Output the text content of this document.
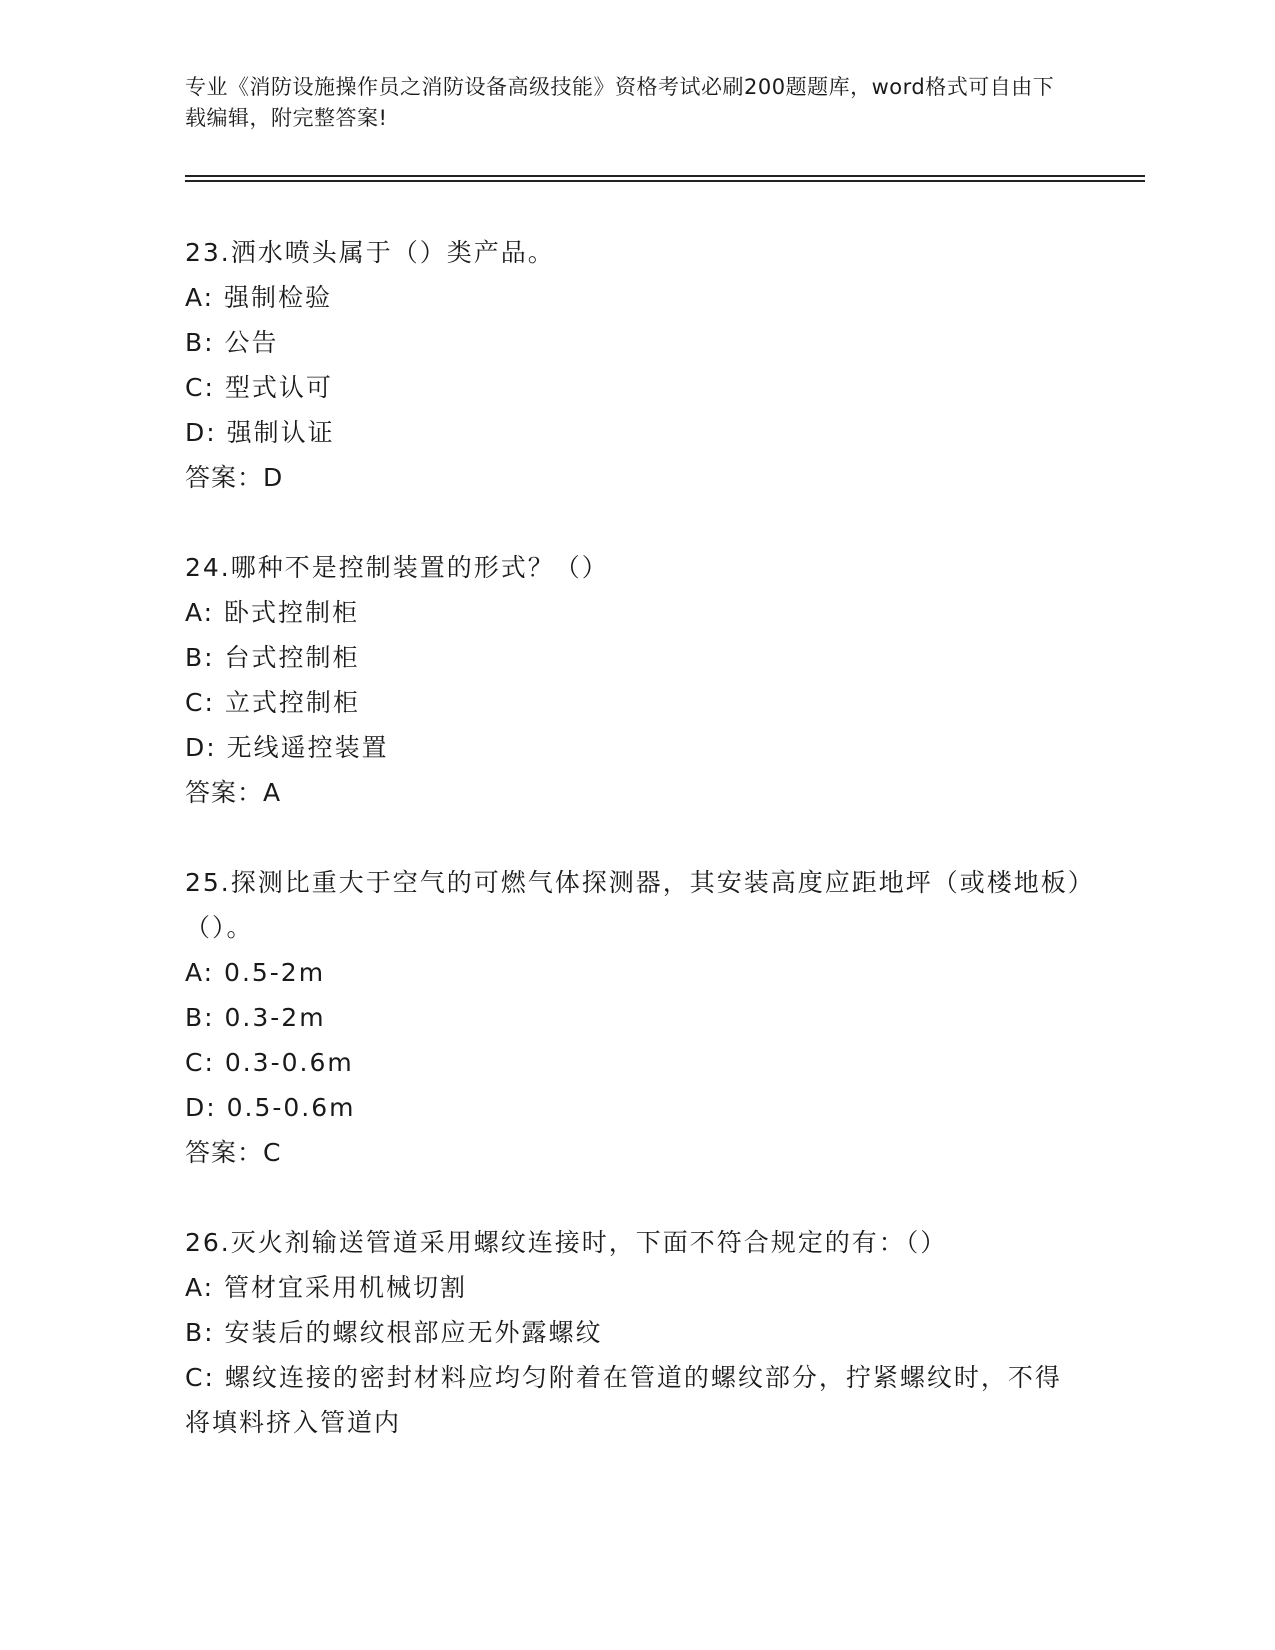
专业《消防设施操作员之消防设备高级技能》资格考试必刷200题题库，word格式可自由下载编辑，附完整答案!

23.洒水喷头属于（）类产品。

A: 强制检验

B: 公告

C: 型式认可

D: 强制认证

答案：D

24.哪种不是控制装置的形式？（）

A: 卧式控制柜

B: 台式控制柜

C: 立式控制柜

D: 无线遥控装置

答案：A

25.探测比重大于空气的可燃气体探测器，其安装高度应距地坪（或楼地板）（）。

A: 0.5-2m

B: 0.3-2m

C: 0.3-0.6m

D: 0.5-0.6m

答案：C

26.灭火剂输送管道采用螺纹连接时，下面不符合规定的有：（）

A: 管材宜采用机械切割

B: 安装后的螺纹根部应无外露螺纹

C: 螺纹连接的密封材料应均匀附着在管道的螺纹部分，拧紧螺纹时，不得将填料挤入管道内
